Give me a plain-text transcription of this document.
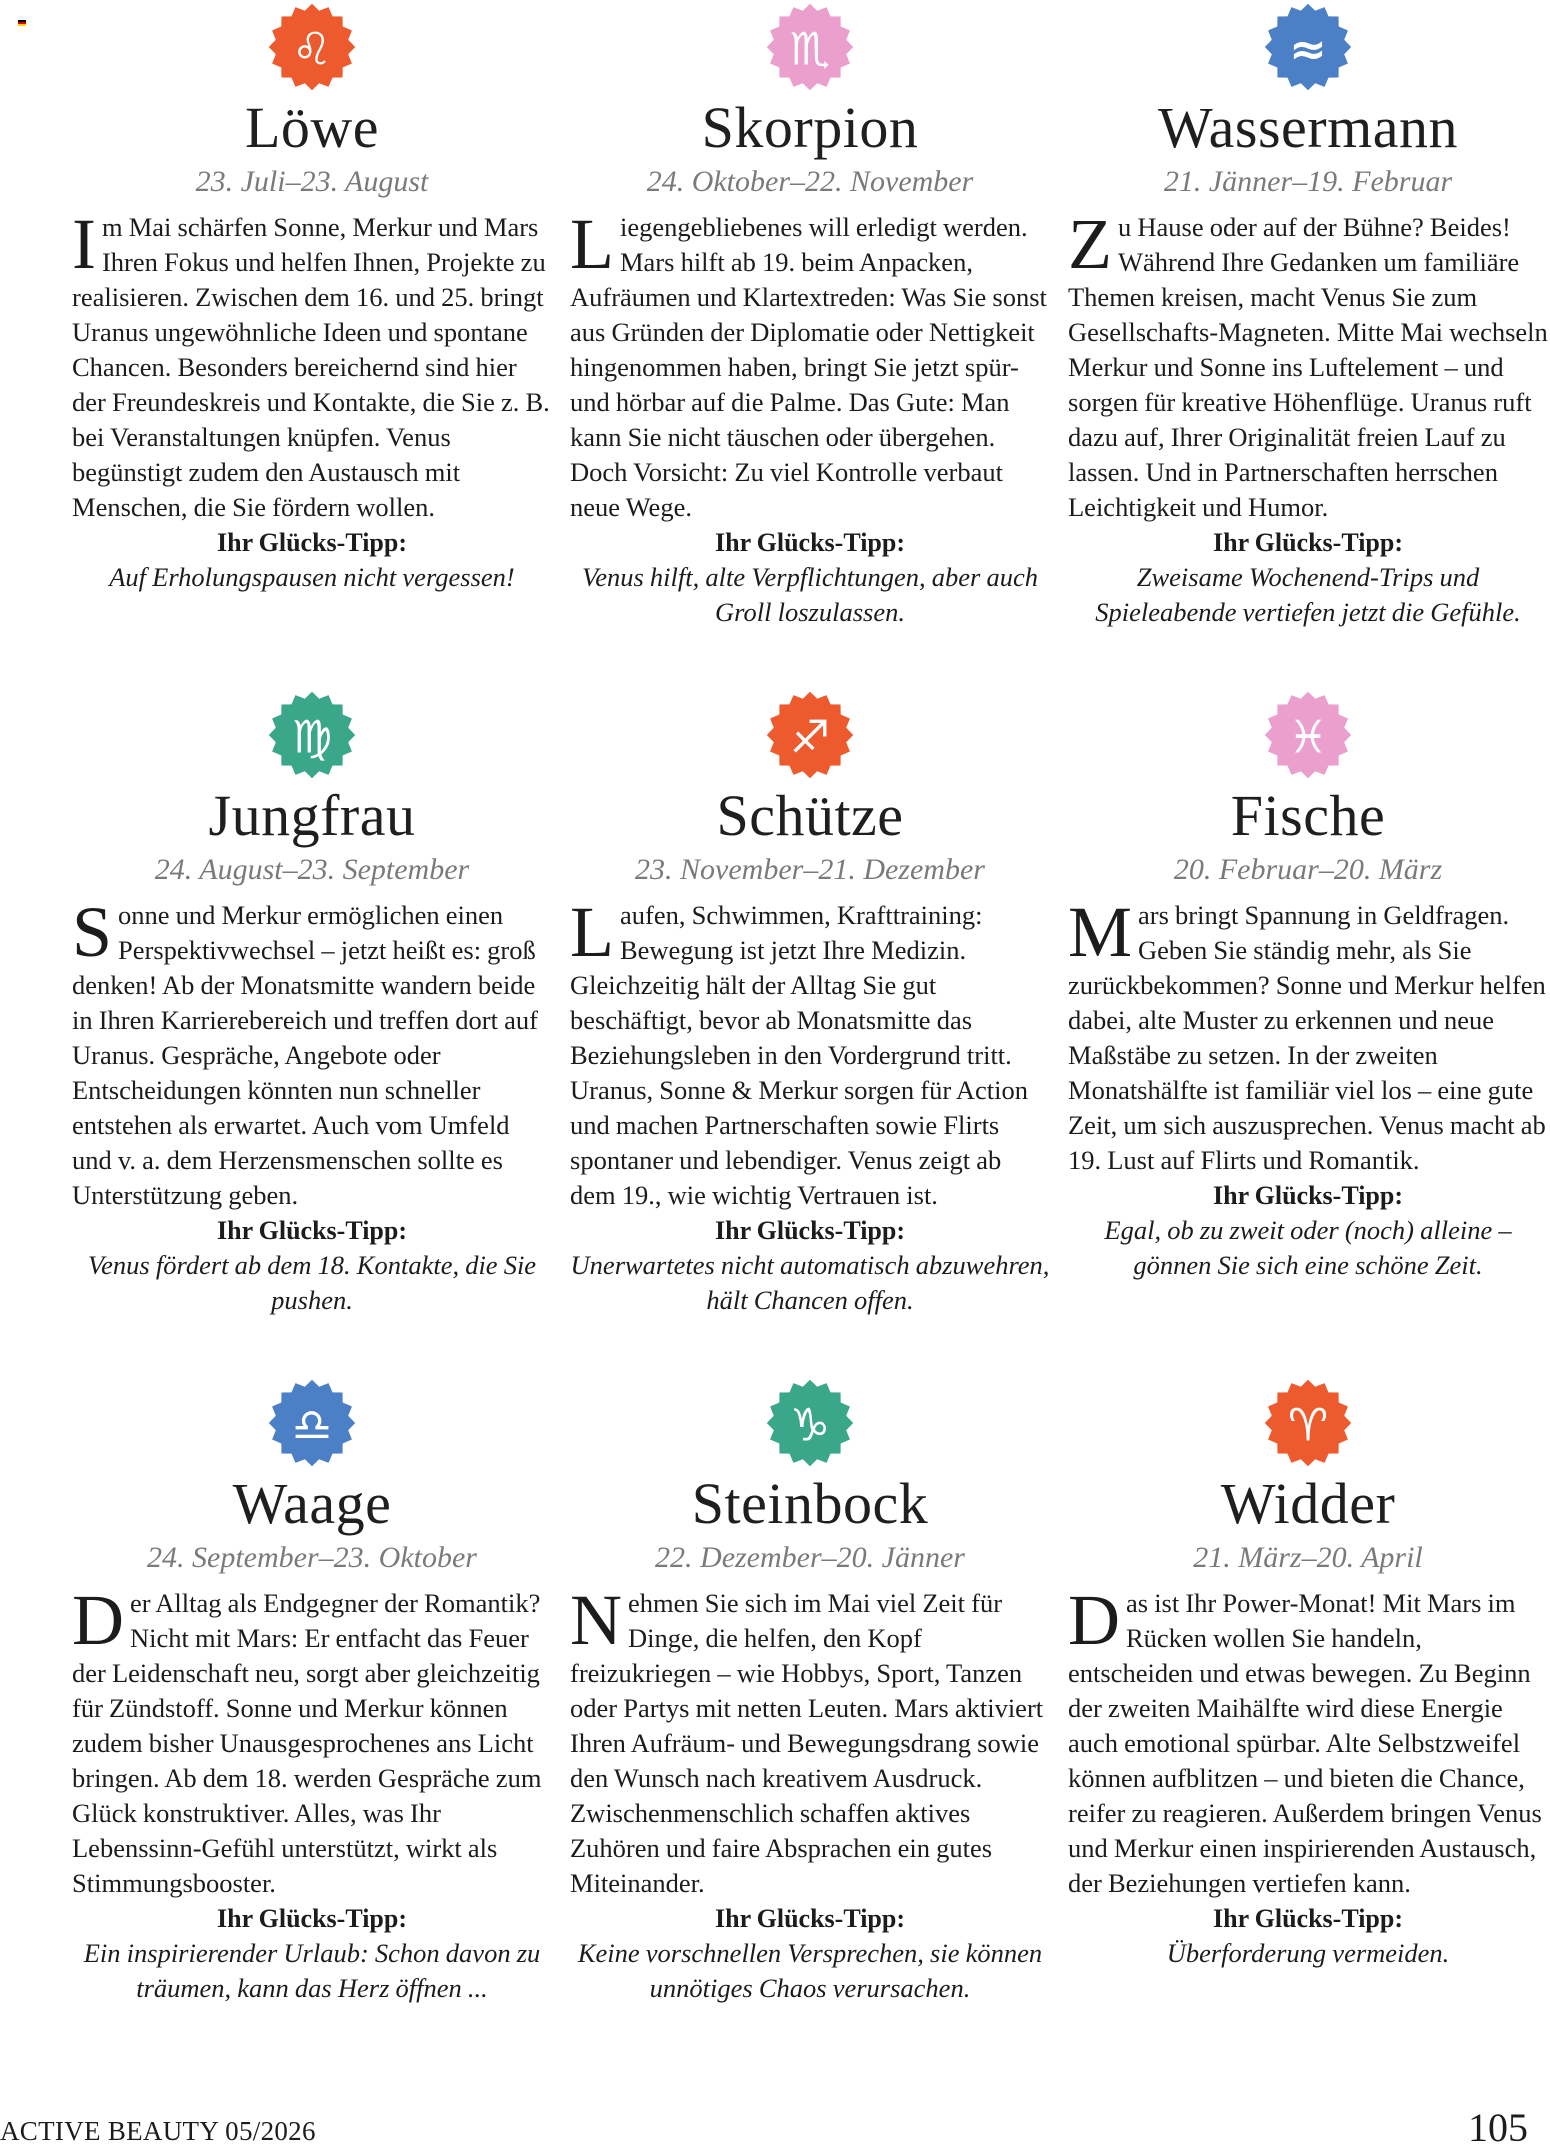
♌
Löwe
23. Juli–23. August
Im Mai schärfen Sonne, Merkur und Mars Ihren Fokus und helfen Ihnen, Projekte zu realisieren. Zwischen dem 16. und 25. bringt Uranus ungewöhnliche Ideen und spontane Chancen. Besonders bereichernd sind hier der Freundeskreis und Kontakte, die Sie z. B. bei Veranstaltungen knüpfen. Venus begünstigt zudem den Austausch mit Menschen, die Sie fördern wollen.
Ihr Glücks-Tipp:
Auf Erholungspausen nicht vergessen!
♏
Skorpion
24. Oktober–22. November
Liegengebliebenes will erledigt werden. Mars hilft ab 19. beim Anpacken, Aufräumen und Klartextreden: Was Sie sonst aus Gründen der Diplomatie oder Nettigkeit hingenommen haben, bringt Sie jetzt spür- und hörbar auf die Palme. Das Gute: Man kann Sie nicht täuschen oder übergehen. Doch Vorsicht: Zu viel Kontrolle verbaut neue Wege.
Ihr Glücks-Tipp:
Venus hilft, alte Verpflichtungen, aber auch Groll loszulassen.
≈
Wassermann
21. Jänner–19. Februar
Zu Hause oder auf der Bühne? Beides! Während Ihre Gedanken um familiäre Themen kreisen, macht Venus Sie zum Gesellschafts-Magneten. Mitte Mai wechseln Merkur und Sonne ins Luftelement – und sorgen für kreative Höhenflüge. Uranus ruft dazu auf, Ihrer Originalität freien Lauf zu lassen. Und in Partnerschaften herrschen Leichtigkeit und Humor.
Ihr Glücks-Tipp:
Zweisame Wochenend-Trips und Spieleabende vertiefen jetzt die Gefühle.
♍
Jungfrau
24. August–23. September
Sonne und Merkur ermöglichen einen Perspektivwechsel – jetzt heißt es: groß denken! Ab der Monatsmitte wandern beide in Ihren Karrierebereich und treffen dort auf Uranus. Gespräche, Angebote oder Entscheidungen könnten nun schneller entstehen als erwartet. Auch vom Umfeld und v. a. dem Herzensmenschen sollte es Unterstützung geben.
Ihr Glücks-Tipp:
Venus fördert ab dem 18. Kontakte, die Sie pushen.
♐
Schütze
23. November–21. Dezember
Laufen, Schwimmen, Krafttraining: Bewegung ist jetzt Ihre Medizin. Gleichzeitig hält der Alltag Sie gut beschäftigt, bevor ab Monatsmitte das Beziehungsleben in den Vordergrund tritt. Uranus, Sonne & Merkur sorgen für Action und machen Partnerschaften sowie Flirts spontaner und lebendiger. Venus zeigt ab dem 19., wie wichtig Vertrauen ist.
Ihr Glücks-Tipp:
Unerwartetes nicht automatisch abzuwehren, hält Chancen offen.
♓
Fische
20. Februar–20. März
Mars bringt Spannung in Geldfragen. Geben Sie ständig mehr, als Sie zurückbekommen? Sonne und Merkur helfen dabei, alte Muster zu erkennen und neue Maßstäbe zu setzen. In der zweiten Monatshälfte ist familiär viel los – eine gute Zeit, um sich auszusprechen. Venus macht ab 19. Lust auf Flirts und Romantik.
Ihr Glücks-Tipp:
Egal, ob zu zweit oder (noch) alleine – gönnen Sie sich eine schöne Zeit.
♎
Waage
24. September–23. Oktober
Der Alltag als Endgegner der Romantik? Nicht mit Mars: Er entfacht das Feuer der Leidenschaft neu, sorgt aber gleichzeitig für Zündstoff. Sonne und Merkur können zudem bisher Unausgesprochenes ans Licht bringen. Ab dem 18. werden Gespräche zum Glück konstruktiver. Alles, was Ihr Lebenssinn-Gefühl unterstützt, wirkt als Stimmungsbooster.
Ihr Glücks-Tipp:
Ein inspirierender Urlaub: Schon davon zu träumen, kann das Herz öffnen ...
♑
Steinbock
22. Dezember–20. Jänner
Nehmen Sie sich im Mai viel Zeit für Dinge, die helfen, den Kopf freizukriegen – wie Hobbys, Sport, Tanzen oder Partys mit netten Leuten. Mars aktiviert Ihren Aufräum- und Bewegungsdrang sowie den Wunsch nach kreativem Ausdruck. Zwischenmenschlich schaffen aktives Zuhören und faire Absprachen ein gutes Miteinander.
Ihr Glücks-Tipp:
Keine vorschnellen Versprechen, sie können unnötiges Chaos verursachen.
♈
Widder
21. März–20. April
Das ist Ihr Power-Monat! Mit Mars im Rücken wollen Sie handeln, entscheiden und etwas bewegen. Zu Beginn der zweiten Maihälfte wird diese Energie auch emotional spürbar. Alte Selbstzweifel können aufblitzen – und bieten die Chance, reifer zu reagieren. Außerdem bringen Venus und Merkur einen inspirierenden Austausch, der Beziehungen vertiefen kann.
Ihr Glücks-Tipp:
Überforderung vermeiden.
ACTIVE BEAUTY 05/2026	105
